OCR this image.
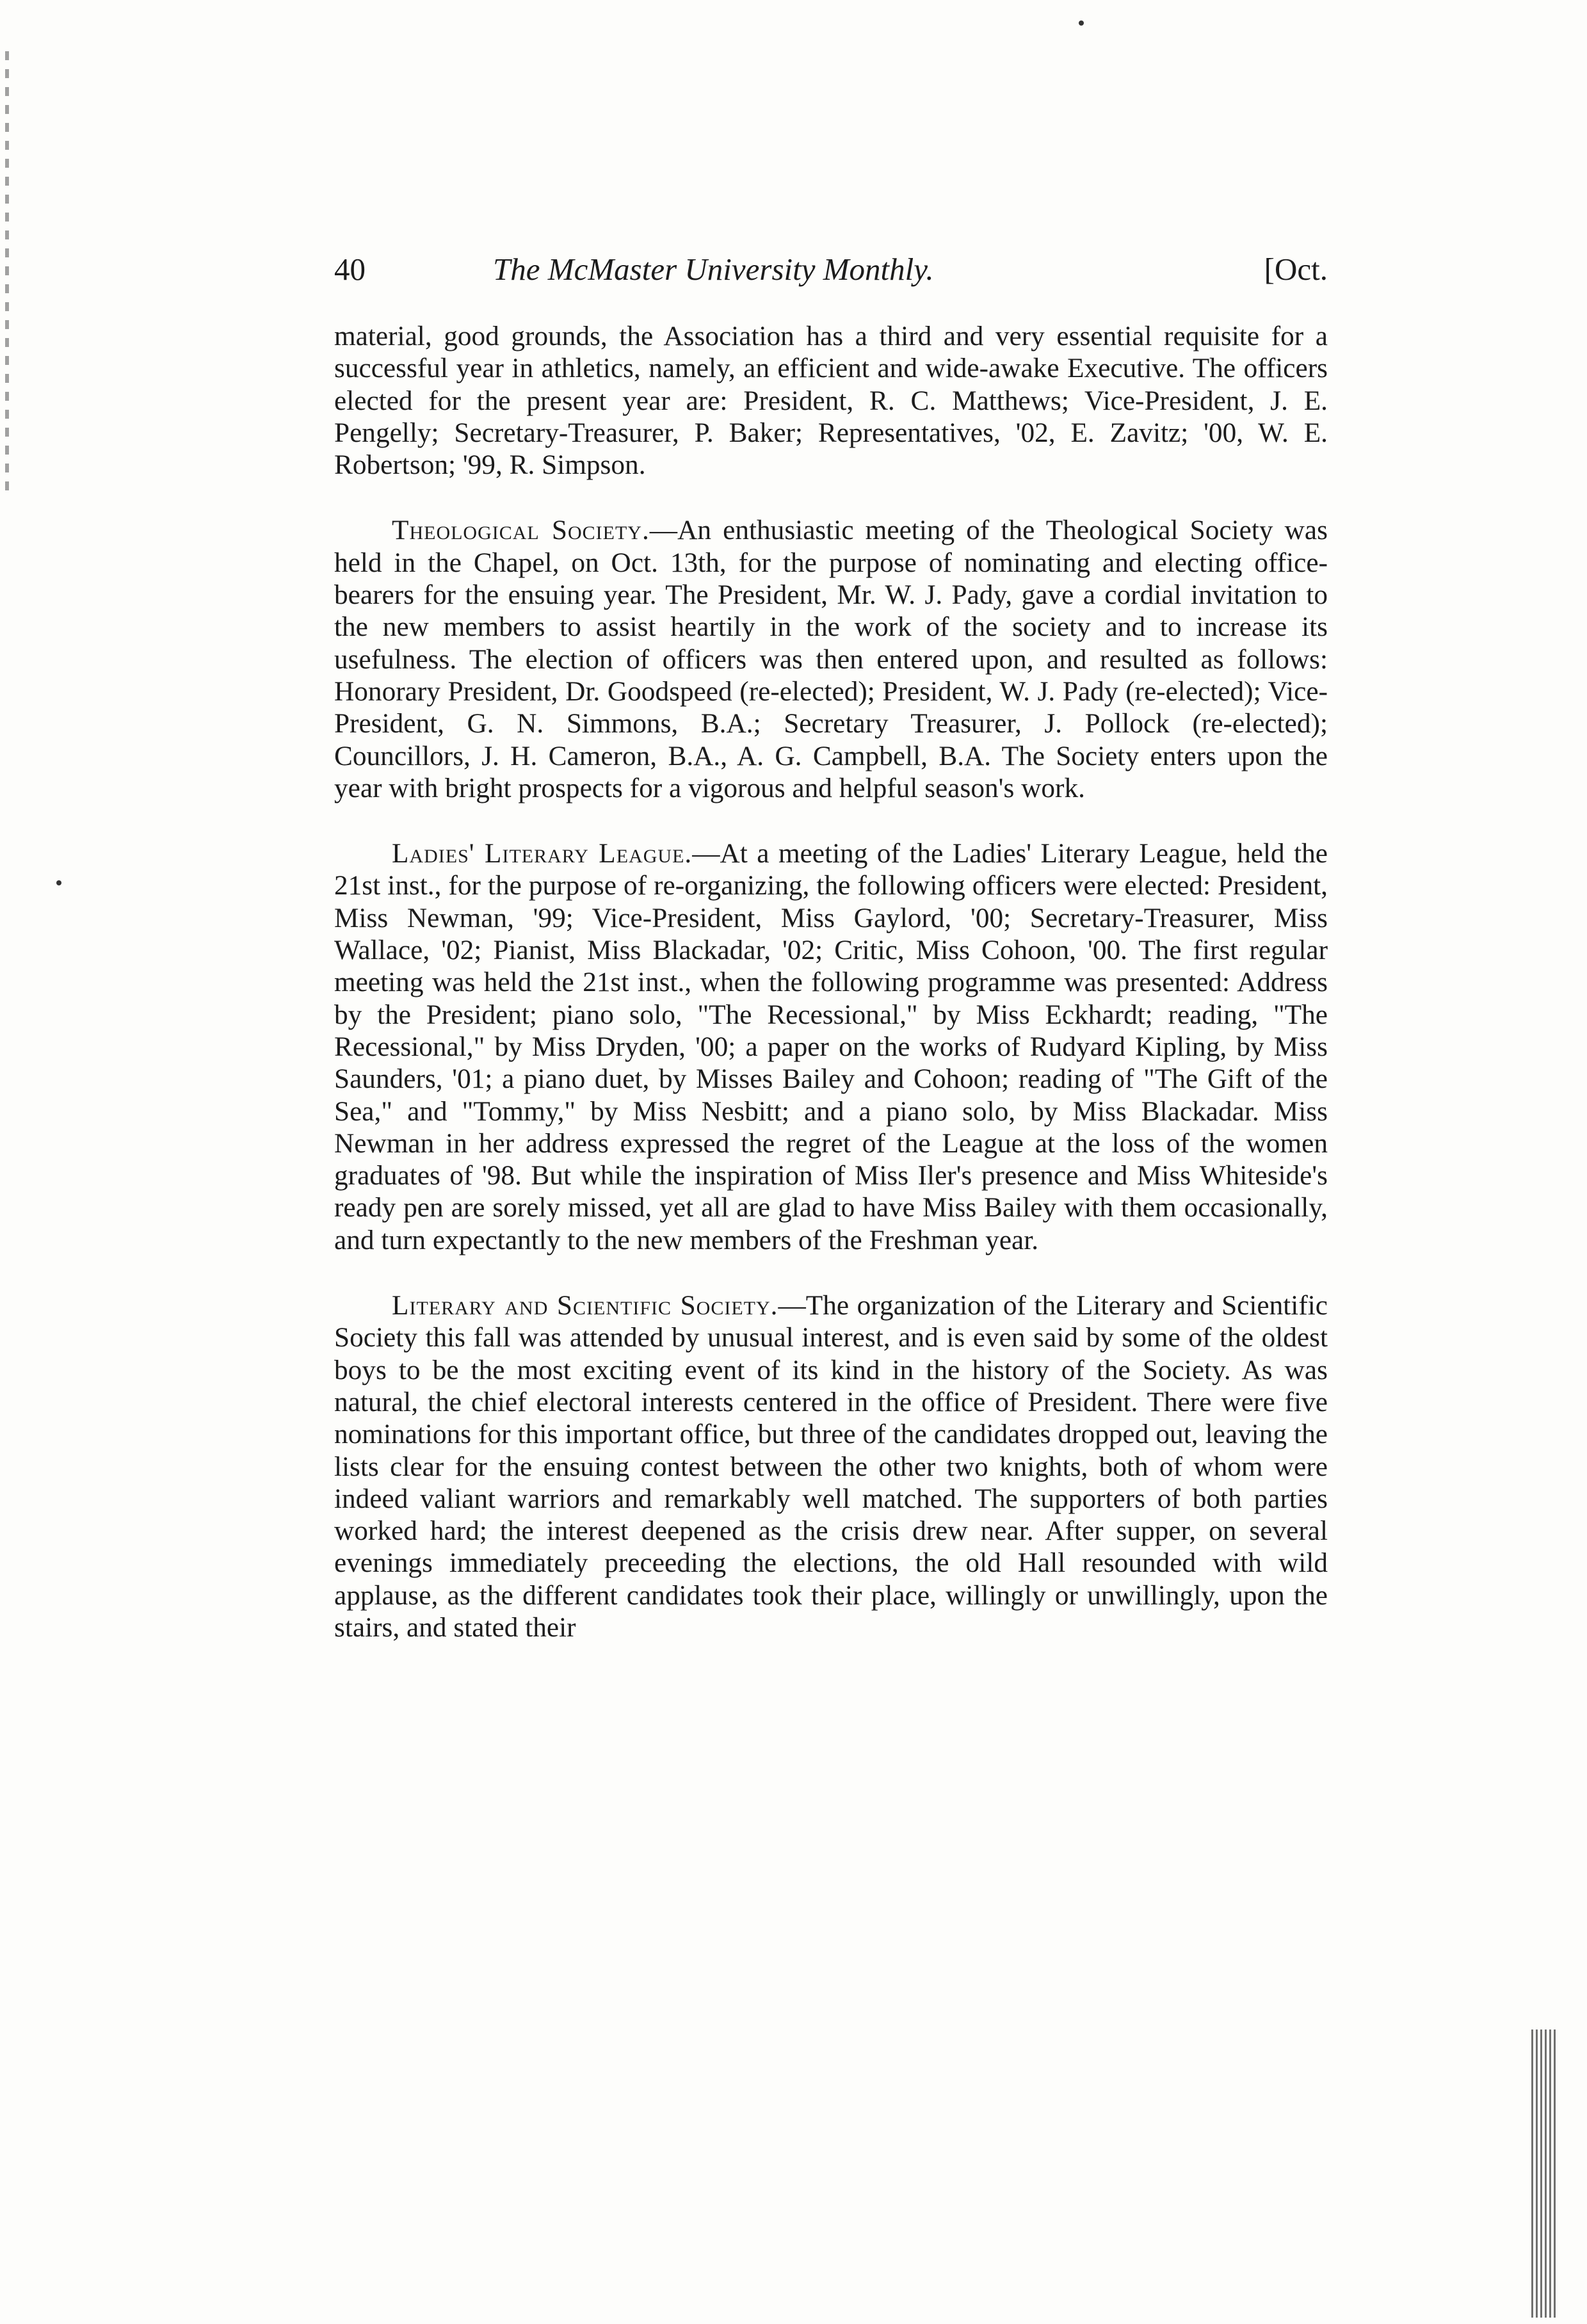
40	The McMaster University Monthly.	[Oct.

material, good grounds, the Association has a third and very essential requisite for a successful year in athletics, namely, an efficient and wide-awake Executive. The officers elected for the present year are: President, R. C. Matthews; Vice-President, J. E. Pengelly; Secretary-Treasurer, P. Baker; Representatives, '02, E. Zavitz; '00, W. E. Robertson; '99, R. Simpson.

Theological Society.—An enthusiastic meeting of the Theological Society was held in the Chapel, on Oct. 13th, for the purpose of nominating and electing office-bearers for the ensuing year. The President, Mr. W. J. Pady, gave a cordial invitation to the new members to assist heartily in the work of the society and to increase its usefulness. The election of officers was then entered upon, and resulted as follows: Honorary President, Dr. Goodspeed (re-elected); President, W. J. Pady (re-elected); Vice-President, G. N. Simmons, B.A.; Secretary Treasurer, J. Pollock (re-elected); Councillors, J. H. Cameron, B.A., A. G. Campbell, B.A. The Society enters upon the year with bright prospects for a vigorous and helpful season's work.

Ladies' Literary League.—At a meeting of the Ladies' Literary League, held the 21st inst., for the purpose of re-organizing, the following officers were elected: President, Miss Newman, '99; Vice-President, Miss Gaylord, '00; Secretary-Treasurer, Miss Wallace, '02; Pianist, Miss Blackadar, '02; Critic, Miss Cohoon, '00. The first regular meeting was held the 21st inst., when the following programme was presented: Address by the President; piano solo, "The Recessional," by Miss Eckhardt; reading, "The Recessional," by Miss Dryden, '00; a paper on the works of Rudyard Kipling, by Miss Saunders, '01; a piano duet, by Misses Bailey and Cohoon; reading of "The Gift of the Sea," and "Tommy," by Miss Nesbitt; and a piano solo, by Miss Blackadar. Miss Newman in her address expressed the regret of the League at the loss of the women graduates of '98. But while the inspiration of Miss Iler's presence and Miss Whiteside's ready pen are sorely missed, yet all are glad to have Miss Bailey with them occasionally, and turn expectantly to the new members of the Freshman year.

Literary and Scientific Society.—The organization of the Literary and Scientific Society this fall was attended by unusual interest, and is even said by some of the oldest boys to be the most exciting event of its kind in the history of the Society. As was natural, the chief electoral interests centered in the office of President. There were five nominations for this important office, but three of the candidates dropped out, leaving the lists clear for the ensuing contest between the other two knights, both of whom were indeed valiant warriors and remarkably well matched. The supporters of both parties worked hard; the interest deepened as the crisis drew near. After supper, on several evenings immediately preceeding the elections, the old Hall resounded with wild applause, as the different candidates took their place, willingly or unwillingly, upon the stairs, and stated their
